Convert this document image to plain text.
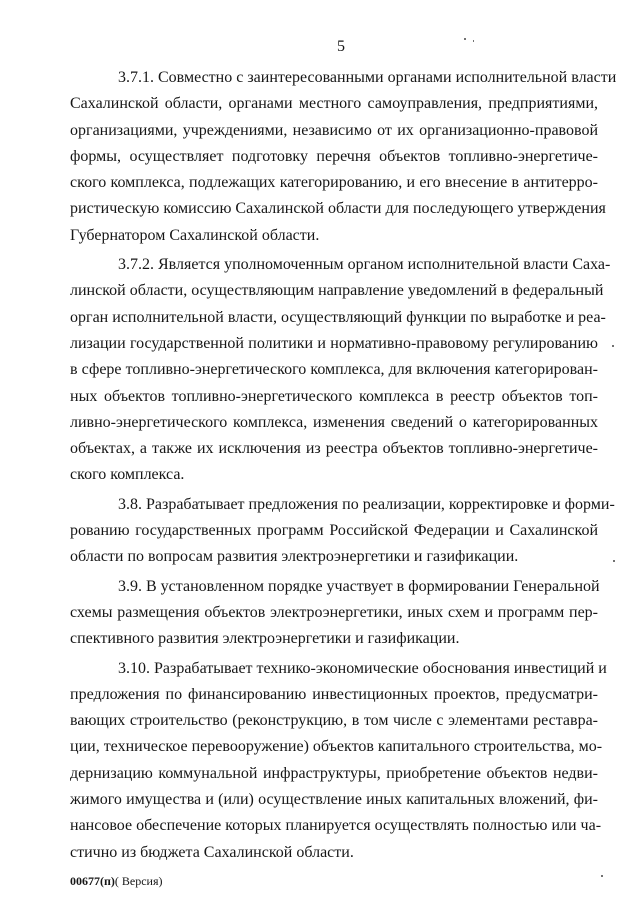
5
3.7.1. Совместно с заинтересованными органами исполнительной власти
Сахалинской области, органами местного самоуправления, предприятиями,
организациями, учреждениями, независимо от их организационно-правовой
формы, осуществляет подготовку перечня объектов топливно-энергетиче-
ского комплекса, подлежащих категорированию, и его внесение в антитерро-
ристическую комиссию Сахалинской области для последующего утверждения
Губернатором Сахалинской области.
3.7.2. Является уполномоченным органом исполнительной власти Саха-
линской области, осуществляющим направление уведомлений в федеральный
орган исполнительной власти, осуществляющий функции по выработке и реа-
лизации государственной политики и нормативно-правовому регулированию
в сфере топливно-энергетического комплекса, для включения категорирован-
ных объектов топливно-энергетического комплекса в реестр объектов топ-
ливно-энергетического комплекса, изменения сведений о категорированных
объектах, а также их исключения из реестра объектов топливно-энергетиче-
ского комплекса.
3.8. Разрабатывает предложения по реализации, корректировке и форми-
рованию государственных программ Российской Федерации и Сахалинской
области по вопросам развития электроэнергетики и газификации.
3.9. В установленном порядке участвует в формировании Генеральной
схемы размещения объектов электроэнергетики, иных схем и программ пер-
спективного развития электроэнергетики и газификации.
3.10. Разрабатывает технико-экономические обоснования инвестиций и
предложения по финансированию инвестиционных проектов, предусматри-
вающих строительство (реконструкцию, в том числе с элементами реставра-
ции, техническое перевооружение) объектов капитального строительства, мо-
дернизацию коммунальной инфраструктуры, приобретение объектов недви-
жимого имущества и (или) осуществление иных капитальных вложений, фи-
нансовое обеспечение которых планируется осуществлять полностью или ча-
стично из бюджета Сахалинской области.
00677(п)( Версия)
